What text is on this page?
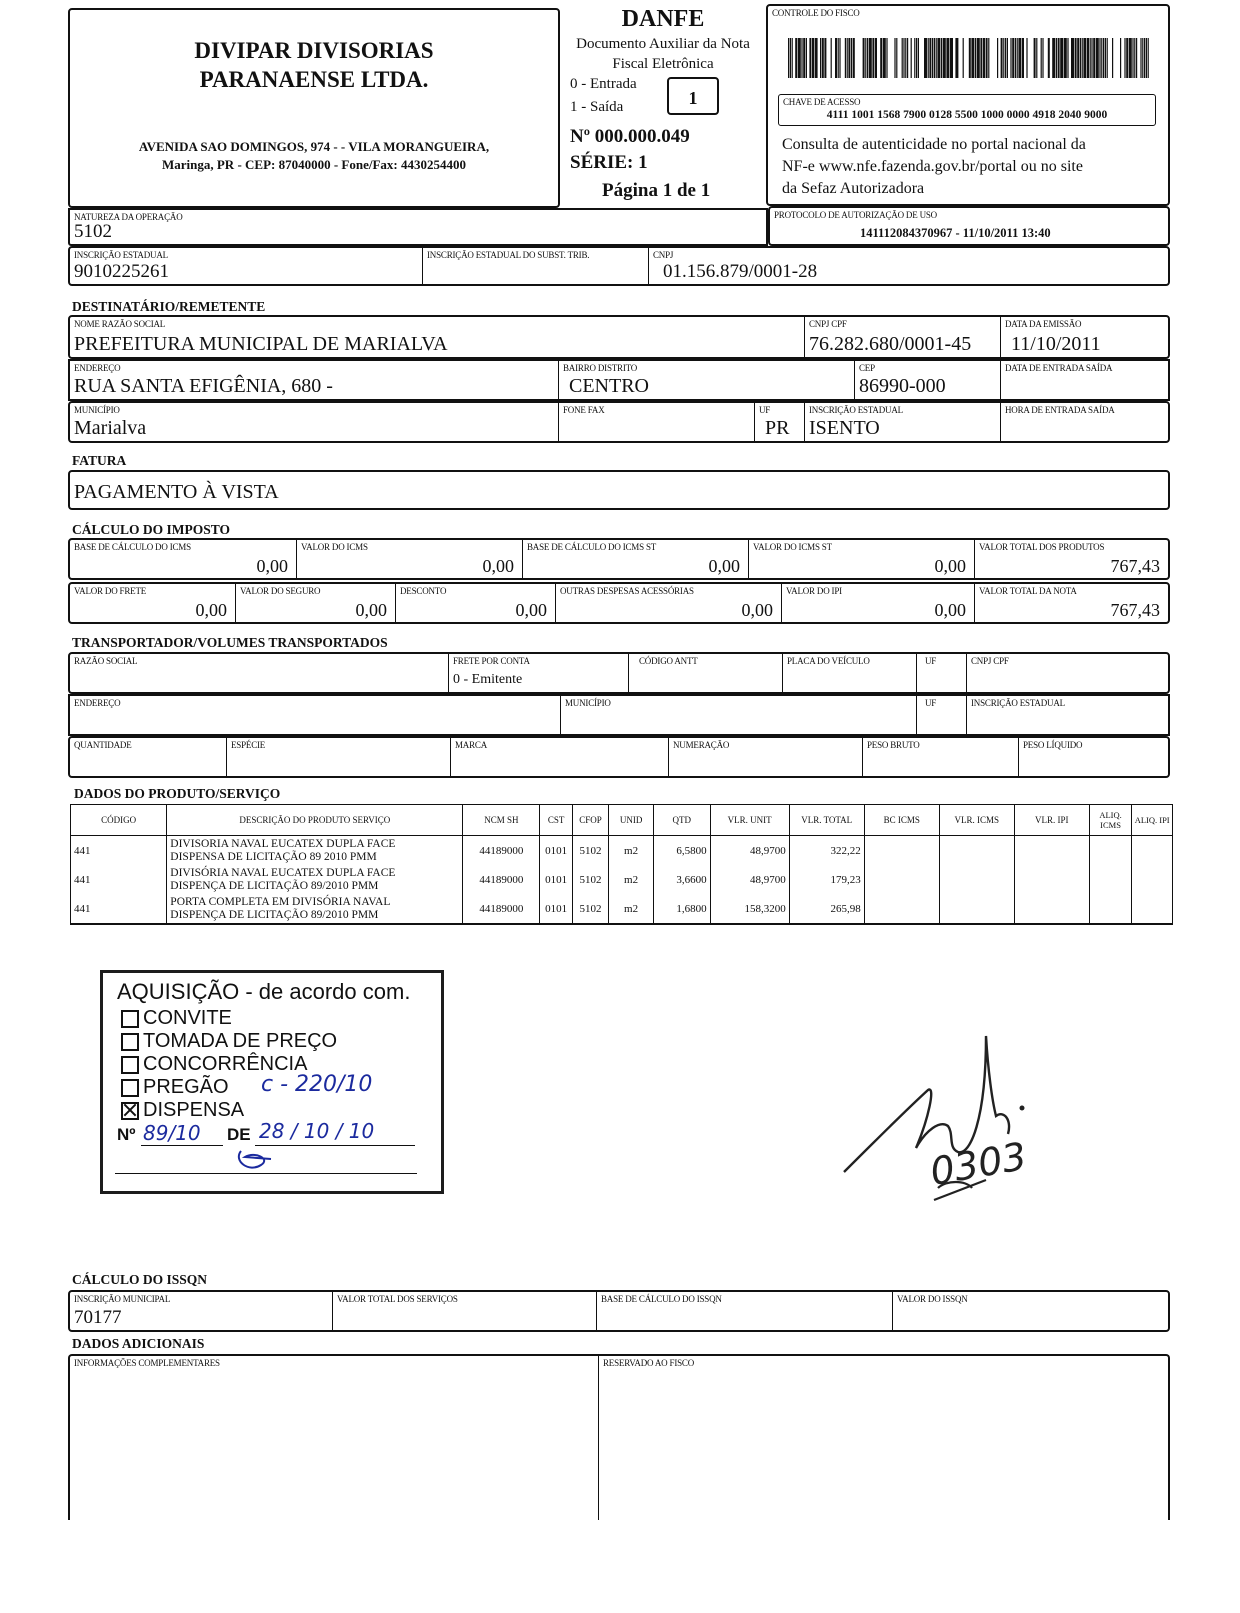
DIVIPAR DIVISORIAS
PARANAENSE LTDA.
AVENIDA SAO DOMINGOS, 974 - - VILA MORANGUEIRA,
Maringa, PR - CEP: 87040000 - Fone/Fax: 4430254400
DANFE
Documento Auxiliar da Nota
Fiscal Eletrônica
0 - Entrada
1 - Saída	1
Nº 000.000.049
SÉRIE: 1
Página 1 de 1
CONTROLE DO FISCO
CHAVE DE ACESSO
4111 1001 1568 7900 0128 5500 1000 0000 4918 2040 9000
Consulta de autenticidade no portal nacional da
NF-e www.nfe.fazenda.gov.br/portal ou no site
da Sefaz Autorizadora
NATUREZA DA OPERAÇÃO
5102
PROTOCOLO DE AUTORIZAÇÃO DE USO
141112084370967 - 11/10/2011 13:40
INSCRIÇÃO ESTADUAL
9010225261
INSCRIÇÃO ESTADUAL DO SUBST. TRIB.	CNPJ
01.156.879/0001-28
DESTINATÁRIO/REMETENTE
NOME RAZÃO SOCIAL
PREFEITURA MUNICIPAL DE MARIALVA
CNPJ CPF
76.282.680/0001-45
DATA DA EMISSÃO
11/10/2011
ENDEREÇO
RUA SANTA EFIGÊNIA, 680 -
BAIRRO DISTRITO
CENTRO
CEP
86990-000
DATA DE ENTRADA SAÍDA
MUNICÍPIO
Marialva
FONE FAX	UF
PR
INSCRIÇÃO ESTADUAL
ISENTO
HORA DE ENTRADA SAÍDA
FATURA
PAGAMENTO À VISTA
CÁLCULO DO IMPOSTO
BASE DE CÁLCULO DO ICMS
0,00
VALOR DO ICMS
0,00
BASE DE CÁLCULO DO ICMS ST
0,00
VALOR DO ICMS ST
0,00
VALOR TOTAL DOS PRODUTOS
767,43
VALOR DO FRETE
0,00
VALOR DO SEGURO
0,00
DESCONTO
0,00
OUTRAS DESPESAS ACESSÓRIAS
0,00
VALOR DO IPI
0,00
VALOR TOTAL DA NOTA
767,43
TRANSPORTADOR/VOLUMES TRANSPORTADOS
RAZÃO SOCIAL	FRETE POR CONTA
0 - Emitente
CÓDIGO ANTT	PLACA DO VEÍCULO	UF	CNPJ CPF
ENDEREÇO	MUNICÍPIO	UF	INSCRIÇÃO ESTADUAL
QUANTIDADE	ESPÉCIE	MARCA	NUMERAÇÃO	PESO BRUTO	PESO LÍQUIDO
DADOS DO PRODUTO/SERVIÇO
CÓDIGO	DESCRIÇÃO DO PRODUTO SERVIÇO	NCM SH	CST	CFOP	UNID	QTD	VLR. UNIT	VLR. TOTAL	BC ICMS	VLR. ICMS	VLR. IPI	ALIQ. ICMS	ALIQ. IPI
441	DIVISORIA NAVAL EUCATEX DUPLA FACE
DISPENSA DE LICITAÇÃO 89 2010 PMM	44189000	0101	5102	m2	6,5800	48,9700	322,22					
441	DIVISÓRIA NAVAL EUCATEX DUPLA FACE
DISPENÇA DE LICITAÇÃO 89/2010 PMM	44189000	0101	5102	m2	3,6600	48,9700	179,23					
441	PORTA COMPLETA EM DIVISÓRIA NAVAL
DISPENÇA DE LICITAÇÃO 89/2010 PMM	44189000	0101	5102	m2	1,6800	158,3200	265,98					
AQUISIÇÃO - de acordo com.
CONVITE
TOMADA DE PREÇO
CONCORRÊNCIA
PREGÃO
DISPENSA
c - 220/10
Nº 89/10 DE 28 / 10 / 10
0303
CÁLCULO DO ISSQN
INSCRIÇÃO MUNICIPAL
70177
VALOR TOTAL DOS SERVIÇOS	BASE DE CÁLCULO DO ISSQN	VALOR DO ISSQN
DADOS ADICIONAIS
INFORMAÇÕES COMPLEMENTARES	RESERVADO AO FISCO
